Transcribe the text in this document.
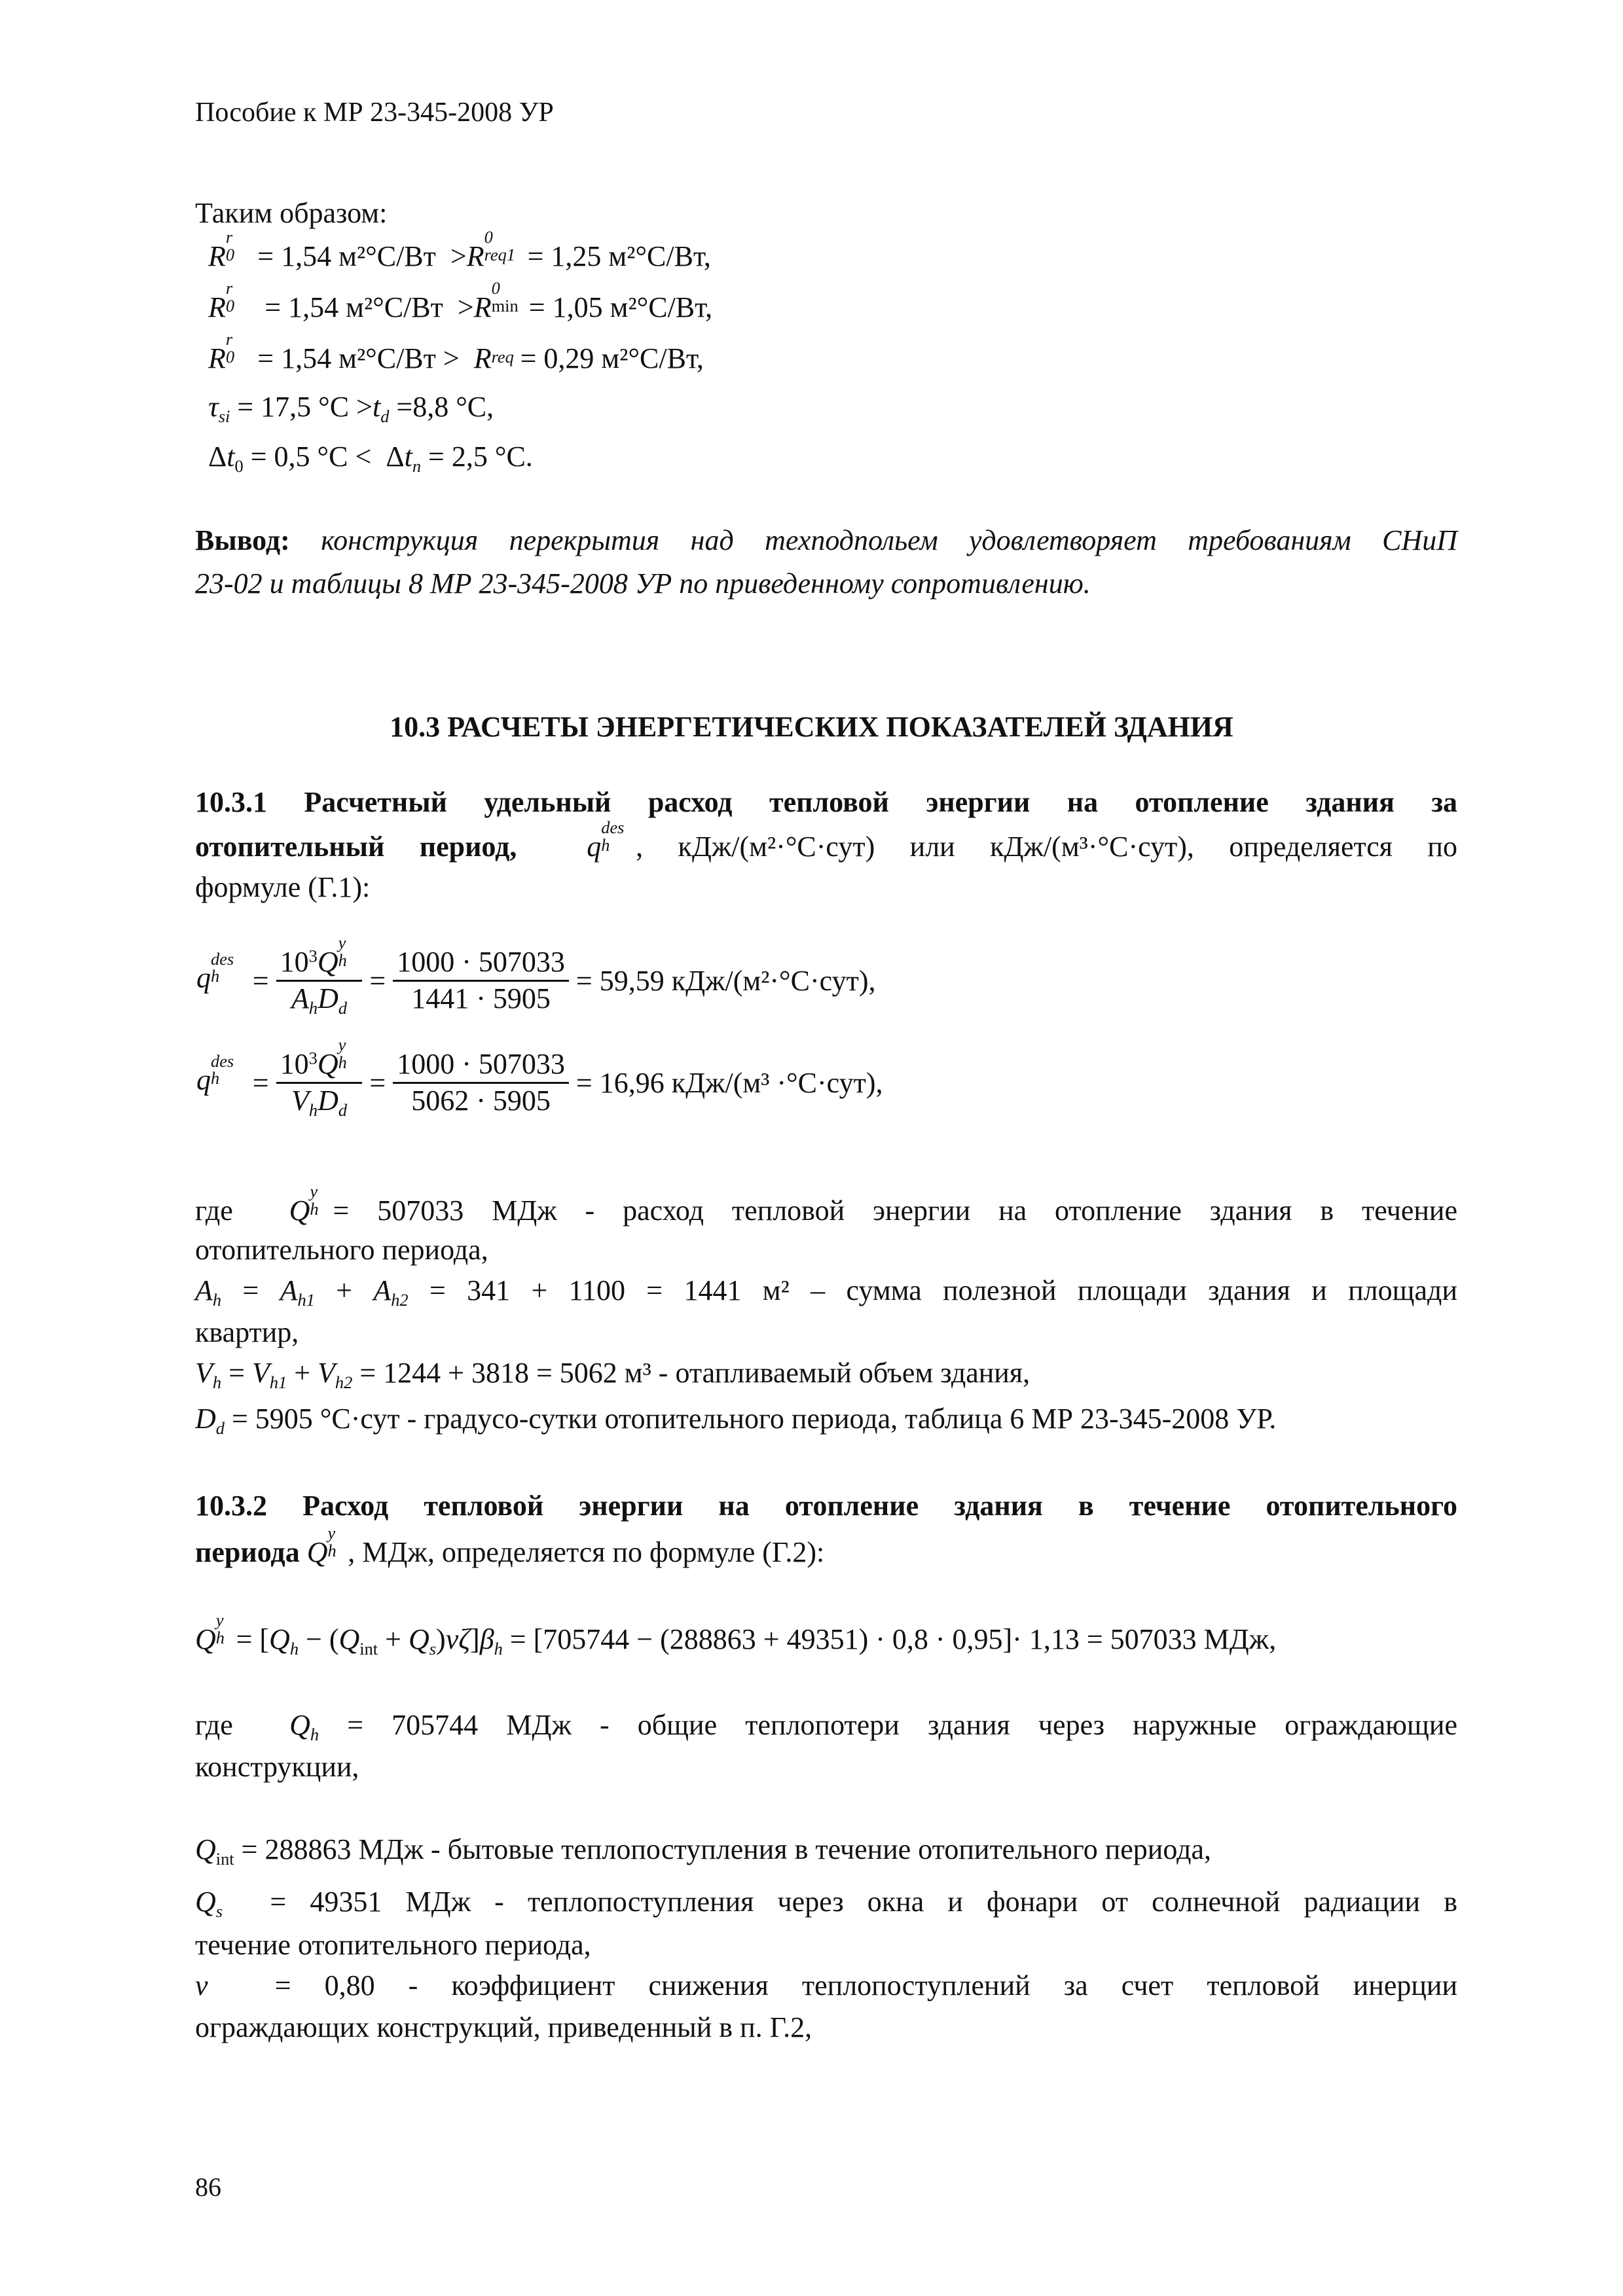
Пособие к МР 23-345-2008 УР
Таким образом:
R
r
0 = 1,54 м²°С/Вт  >R
0
req1 = 1,25 м²°С/Вт,
R
r
0 = 1,54 м²°С/Вт  >R
0
min = 1,05 м²°С/Вт,
R
r
0 = 1,54 м²°С/Вт >  R req = 0,29 м²°С/Вт,
$\tau_{si} = 17,5$ $^\circ С >t_d =8,8$ °С,
$\Delta t_0 = 0,5$ $^\circ С < \Delta t_n = 2,5$ °С.
Вывод: конструкция перекрытия над техподпольем удовлетворяет требованиям СНиП
23-02 и таблицы 8 МР 23-345-2008 УР по приведенному сопротивлению.
10.3 РАСЧЕТЫ ЭНЕРГЕТИЧЕСКИХ ПОКАЗАТЕЛЕЙ ЗДАНИЯ
10.3.1 Расчетный удельный расход тепловой энергии на отопление здания за
отопительный период, q
des
h , кДж/(м²·°С·сут) или кДж/(м³·°С·сут), определяется по
формуле (Г.1):
q
des
$h = 10^3Q$
y
h
$A_hD_d = \frac{1000 \cdot 507033}{1441 \cdot 5905} = 59,59$ кДж/(м²·°С·сут),
q
des
$h = 10^3Q$
y
h
$V_hD_d = \frac{1000 \cdot 507033}{5062 \cdot 5905} = 16,96$ кДж/(м³ ·°С·сут),
где Q
y
h = 507033 МДж - расход тепловой энергии на отопление здания в течение
отопительного периода,
$A_h = A_{h1} + A_{h2} = 341 + 1100 = 1441$ м² – сумма полезной площади здания и площади
квартир,
$V_h = V_{h1} + V_{h2} = 1244 + 3818 = 5062$ м³ - отапливаемый объем здания,
$D_d = 5905$ °С·сут - градусо-сутки отопительного периода, таблица 6 МР 23-345-2008 УР.
10.3.2 Расход тепловой энергии на отопление здания в течение отопительного
периода Q
y
h , МДж, определяется по формуле (Г.2):
Q
y
$h = [Q_h - (Q_{int} + Q_s)\nu\zeta]\beta_h = [705744 - (288863 + 49351) \cdot 0,8 \cdot 0,95]\cdot 1,13 = 507033$ МДж,
где  $Q_h = 705744$ МДж - общие теплопотери здания через наружные ограждающие
конструкции,
$Q_{int} = 288863$ МДж - бытовые теплопоступления в течение отопительного периода,
$Q_s = 49351$ МДж - теплопоступления через окна и фонари от солнечной радиации в
течение отопительного периода,
ν = 0,80 - коэффициент снижения теплопоступлений за счет тепловой инерции
ограждающих конструкций, приведенный в п. Г.2,
86
